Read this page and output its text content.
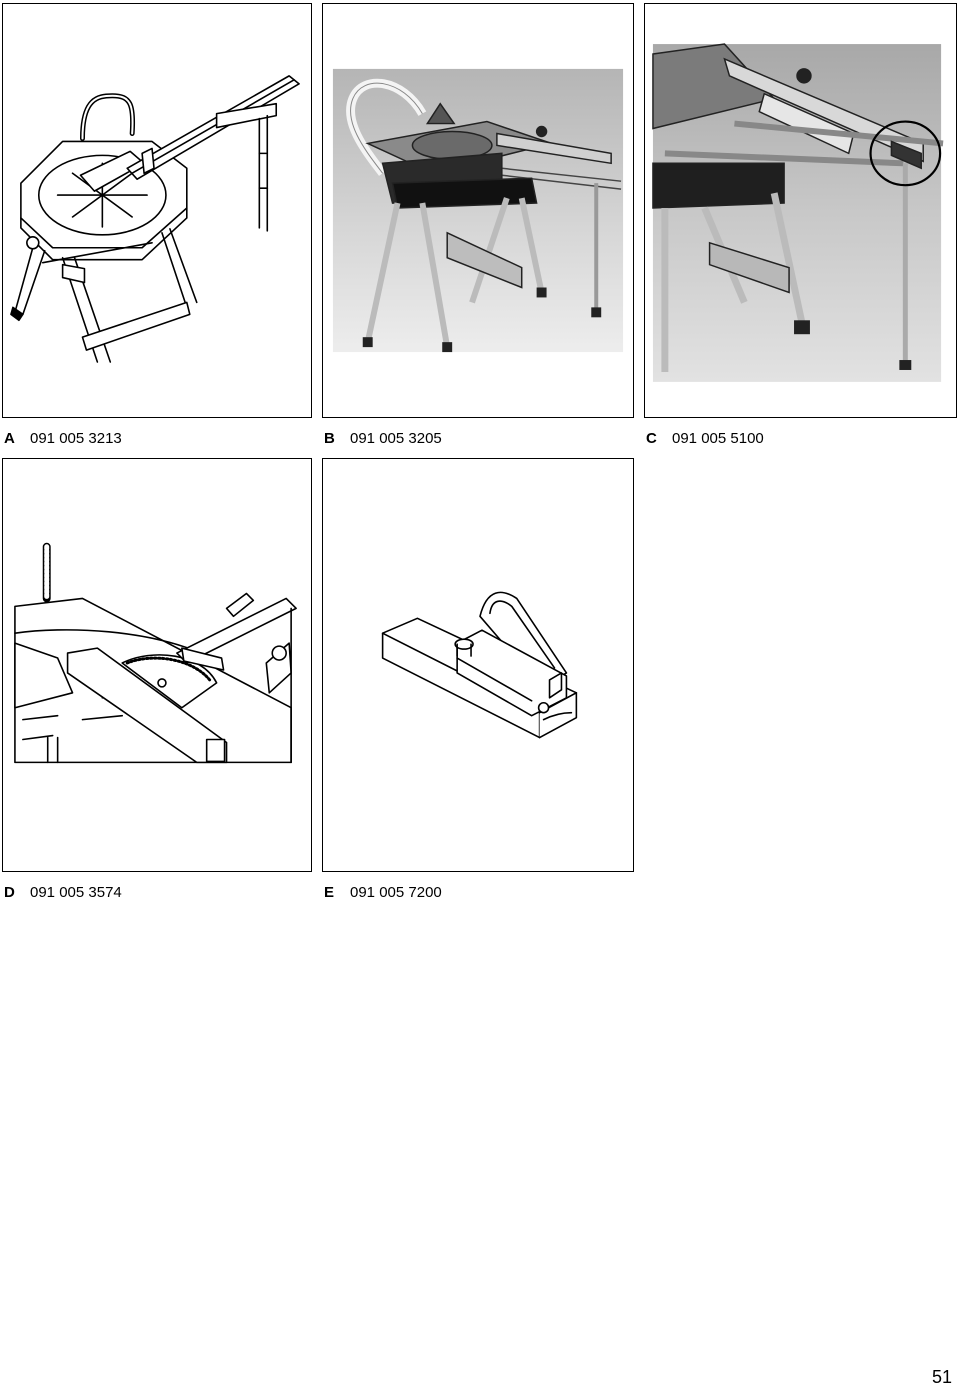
A 091 005 3213	B 091 005 3205	C 091 005 5100
D 091 005 3574	E 091 005 7200
51
